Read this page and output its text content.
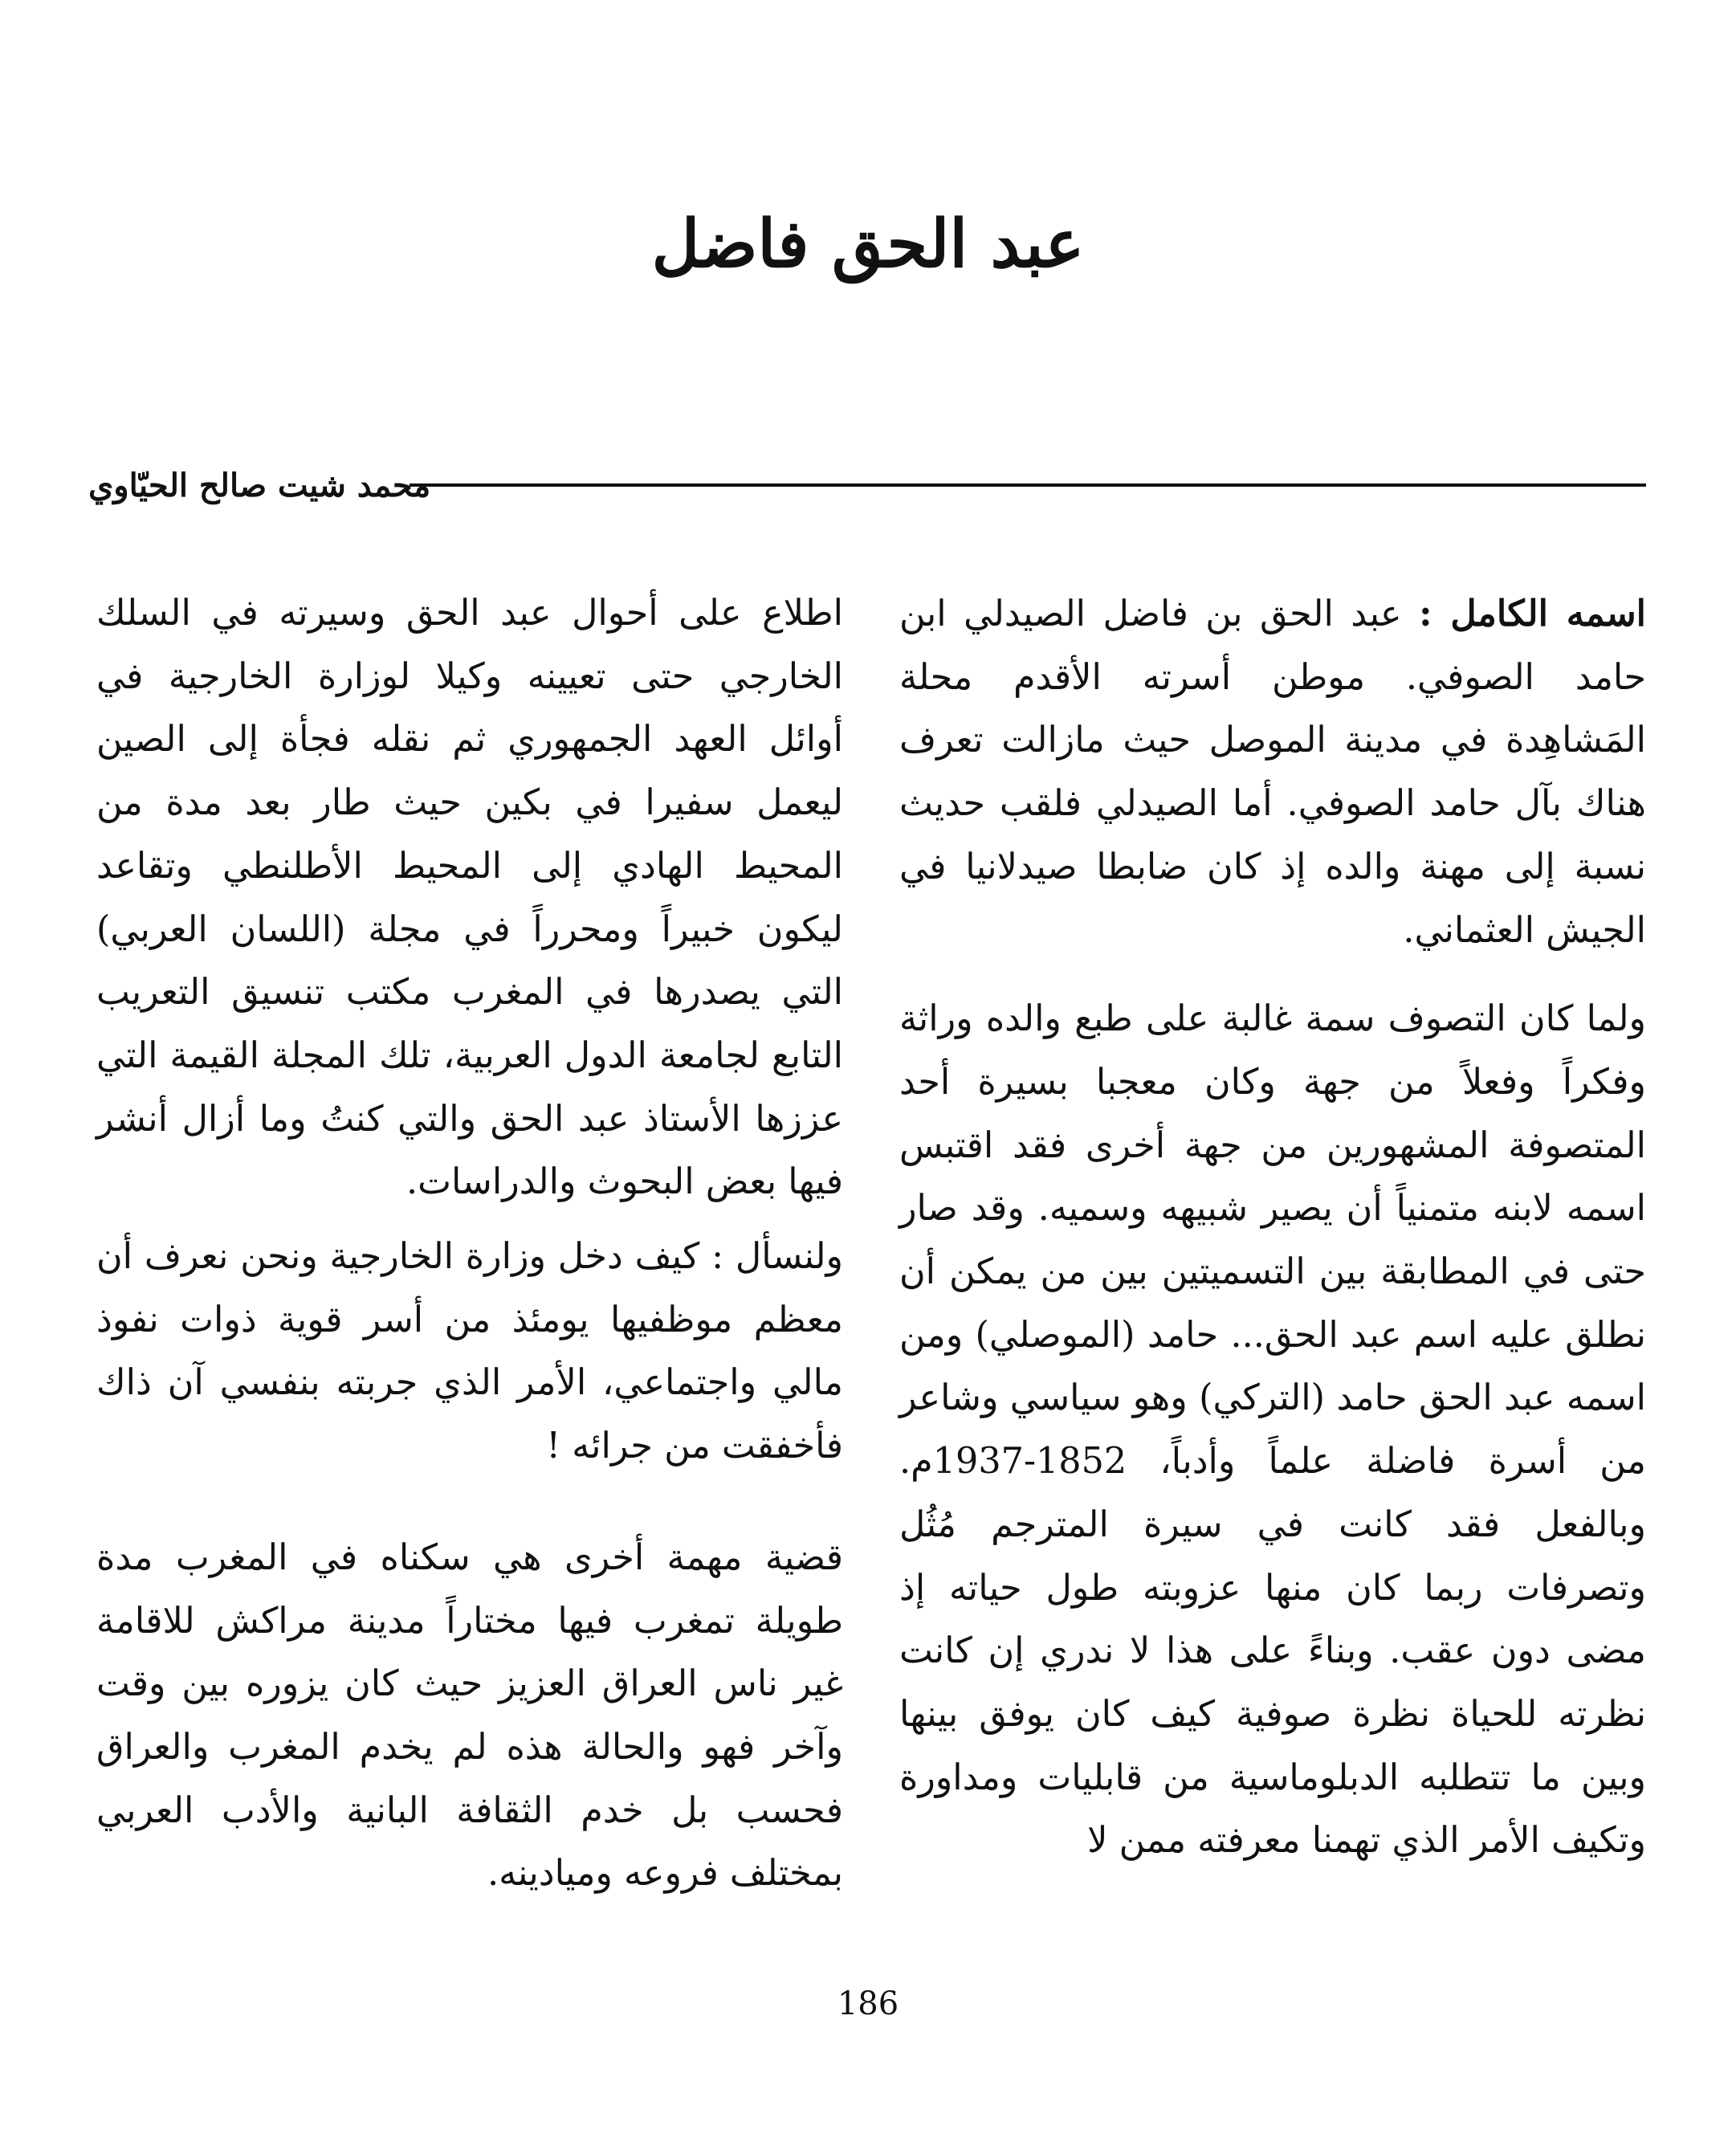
عبد الحق فاضل
محمد شيت صالح الحيّاوي

اسمه الكامل : عبد الحق بن فاضل الصيدلي ابن حامد الصوفي. موطن أسرته الأقدم محلة المَشاهِدة في مدينة الموصل حيث مازالت تعرف هناك بآل حامد الصوفي. أما الصيدلي فلقب حديث نسبة إلى مهنة والده إذ كان ضابطا صيدلانيا في الجيش العثماني.

ولما كان التصوف سمة غالبة على طبع والده وراثة وفكراً وفعلاً من جهة وكان معجبا بسيرة أحد المتصوفة المشهورين من جهة أخرى فقد اقتبس اسمه لابنه متمنياً أن يصير شبيهه وسميه. وقد صار حتى في المطابقة بين التسميتين بين من يمكن أن نطلق عليه اسم عبد الحق... حامد (الموصلي) ومن اسمه عبد الحق حامد (التركي) وهو سياسي وشاعر من أسرة فاضلة علماً وأدباً، 1852-1937م. وبالفعل فقد كانت في سيرة المترجم مُثُل وتصرفات ربما كان منها عزوبته طول حياته إذ مضى دون عقب. وبناءً على هذا لا ندري إن كانت نظرته للحياة نظرة صوفية كيف كان يوفق بينها وبين ما تتطلبه الدبلوماسية من قابليات ومداورة وتكيف الأمر الذي تهمنا معرفته ممن لا

اطلاع على أحوال عبد الحق وسيرته في السلك الخارجي حتى تعيينه وكيلا لوزارة الخارجية في أوائل العهد الجمهوري ثم نقله فجأة إلى الصين ليعمل سفيرا في بكين حيث طار بعد مدة من المحيط الهادي إلى المحيط الأطلنطي وتقاعد ليكون خبيراً ومحرراً في مجلة (اللسان العربي) التي يصدرها في المغرب مكتب تنسيق التعريب التابع لجامعة الدول العربية، تلك المجلة القيمة التي عززها الأستاذ عبد الحق والتي كنتُ وما أزال أنشر فيها بعض البحوث والدراسات.

ولنسأل : كيف دخل وزارة الخارجية ونحن نعرف أن معظم موظفيها يومئذ من أسر قوية ذوات نفوذ مالي واجتماعي، الأمر الذي جربته بنفسي آن ذاك فأخفقت من جرائه !

قضية مهمة أخرى هي سكناه في المغرب مدة طويلة تمغرب فيها مختاراً مدينة مراكش للاقامة غير ناس العراق العزيز حيث كان يزوره بين وقت وآخر فهو والحالة هذه لم يخدم المغرب والعراق فحسب بل خدم الثقافة البانية والأدب العربي بمختلف فروعه وميادينه.

186
